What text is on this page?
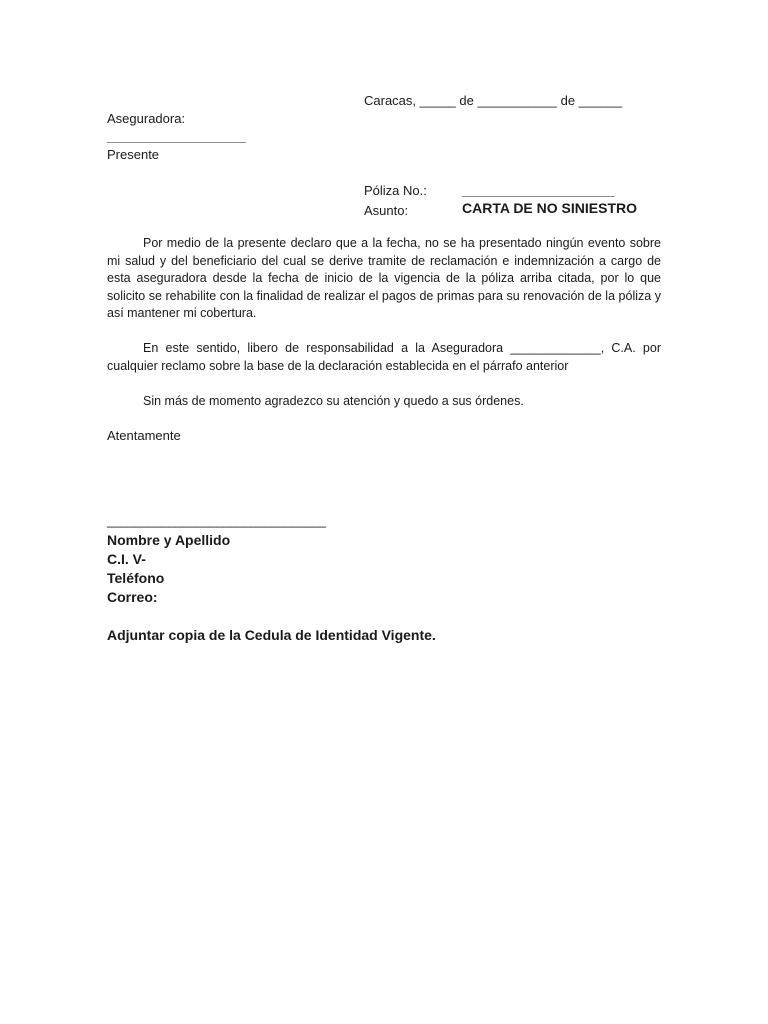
Caracas, _____ de ___________ de ______
Aseguradora:
____________________
Presente
Póliza No.:	______________________
Asunto:	CARTA DE NO SINIESTRO

Por medio de la presente declaro que a la fecha, no se ha presentado ningún evento sobre mi salud y del beneficiario del cual se derive tramite de reclamación e indemnización a cargo de esta aseguradora desde la fecha de inicio de la vigencia de la póliza arriba citada, por lo que solicito se rehabilite con la finalidad de realizar el pagos de primas para su renovación de la póliza y así mantener mi cobertura.

En este sentido, libero de responsabilidad a la Aseguradora _____________, C.A. por cualquier reclamo sobre la base de la declaración establecida en el párrafo anterior

Sin más de momento agradezco su atención y quedo a sus órdenes.

Atentamente
________________________________
Nombre y Apellido
C.I. V-
Teléfono
Correo:
Adjuntar copia de la Cedula de Identidad Vigente.
